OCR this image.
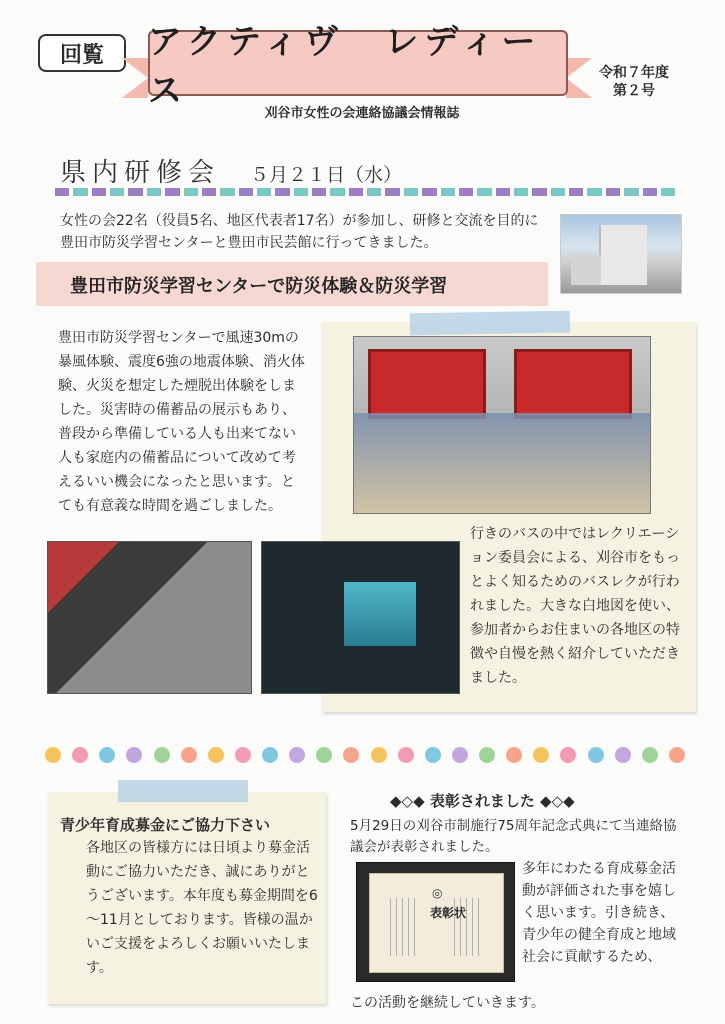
回覧	アクティヴ　レディース	令和７年度
第２号
刈谷市女性の会連絡協議会情報誌
県内研修会 ５月２１日（水）
女性の会22名（役員5名、地区代表者17名）が参加し、研修と交流を目的に豊田市防災学習センターと豊田市民芸館に行ってきました。
豊田市防災学習センターで防災体験＆防災学習
豊田市防災学習センターで風速30mの暴風体験、震度6強の地震体験、消火体験、火災を想定した煙脱出体験をしました。災害時の備蓄品の展示もあり、普段から準備している人も出来てない人も家庭内の備蓄品について改めて考えるいい機会になったと思います。とても有意義な時間を過ごしました。
行きのバスの中ではレクリエーション委員会による、刈谷市をもっとよく知るためのバスレクが行われました。大きな白地図を使い、参加者からお住まいの各地区の特徴や自慢を熱く紹介していただきました。
青少年育成募金にご協力下さい
各地区の皆様方には日頃より募金活動にご協力いただき、誠にありがとうございます。本年度も募金期間を6～11月としております。皆様の温かいご支援をよろしくお願いいたします。
◆◇◆ 表彰されました ◆◇◆
5月29日の刈谷市制施行75周年記念式典にて当連絡協議会が表彰されました。
◎
表彰状
多年にわたる育成募金活動が評価された事を嬉しく思います。引き続き、青少年の健全育成と地域社会に貢献するため、
この活動を継続していきます。
